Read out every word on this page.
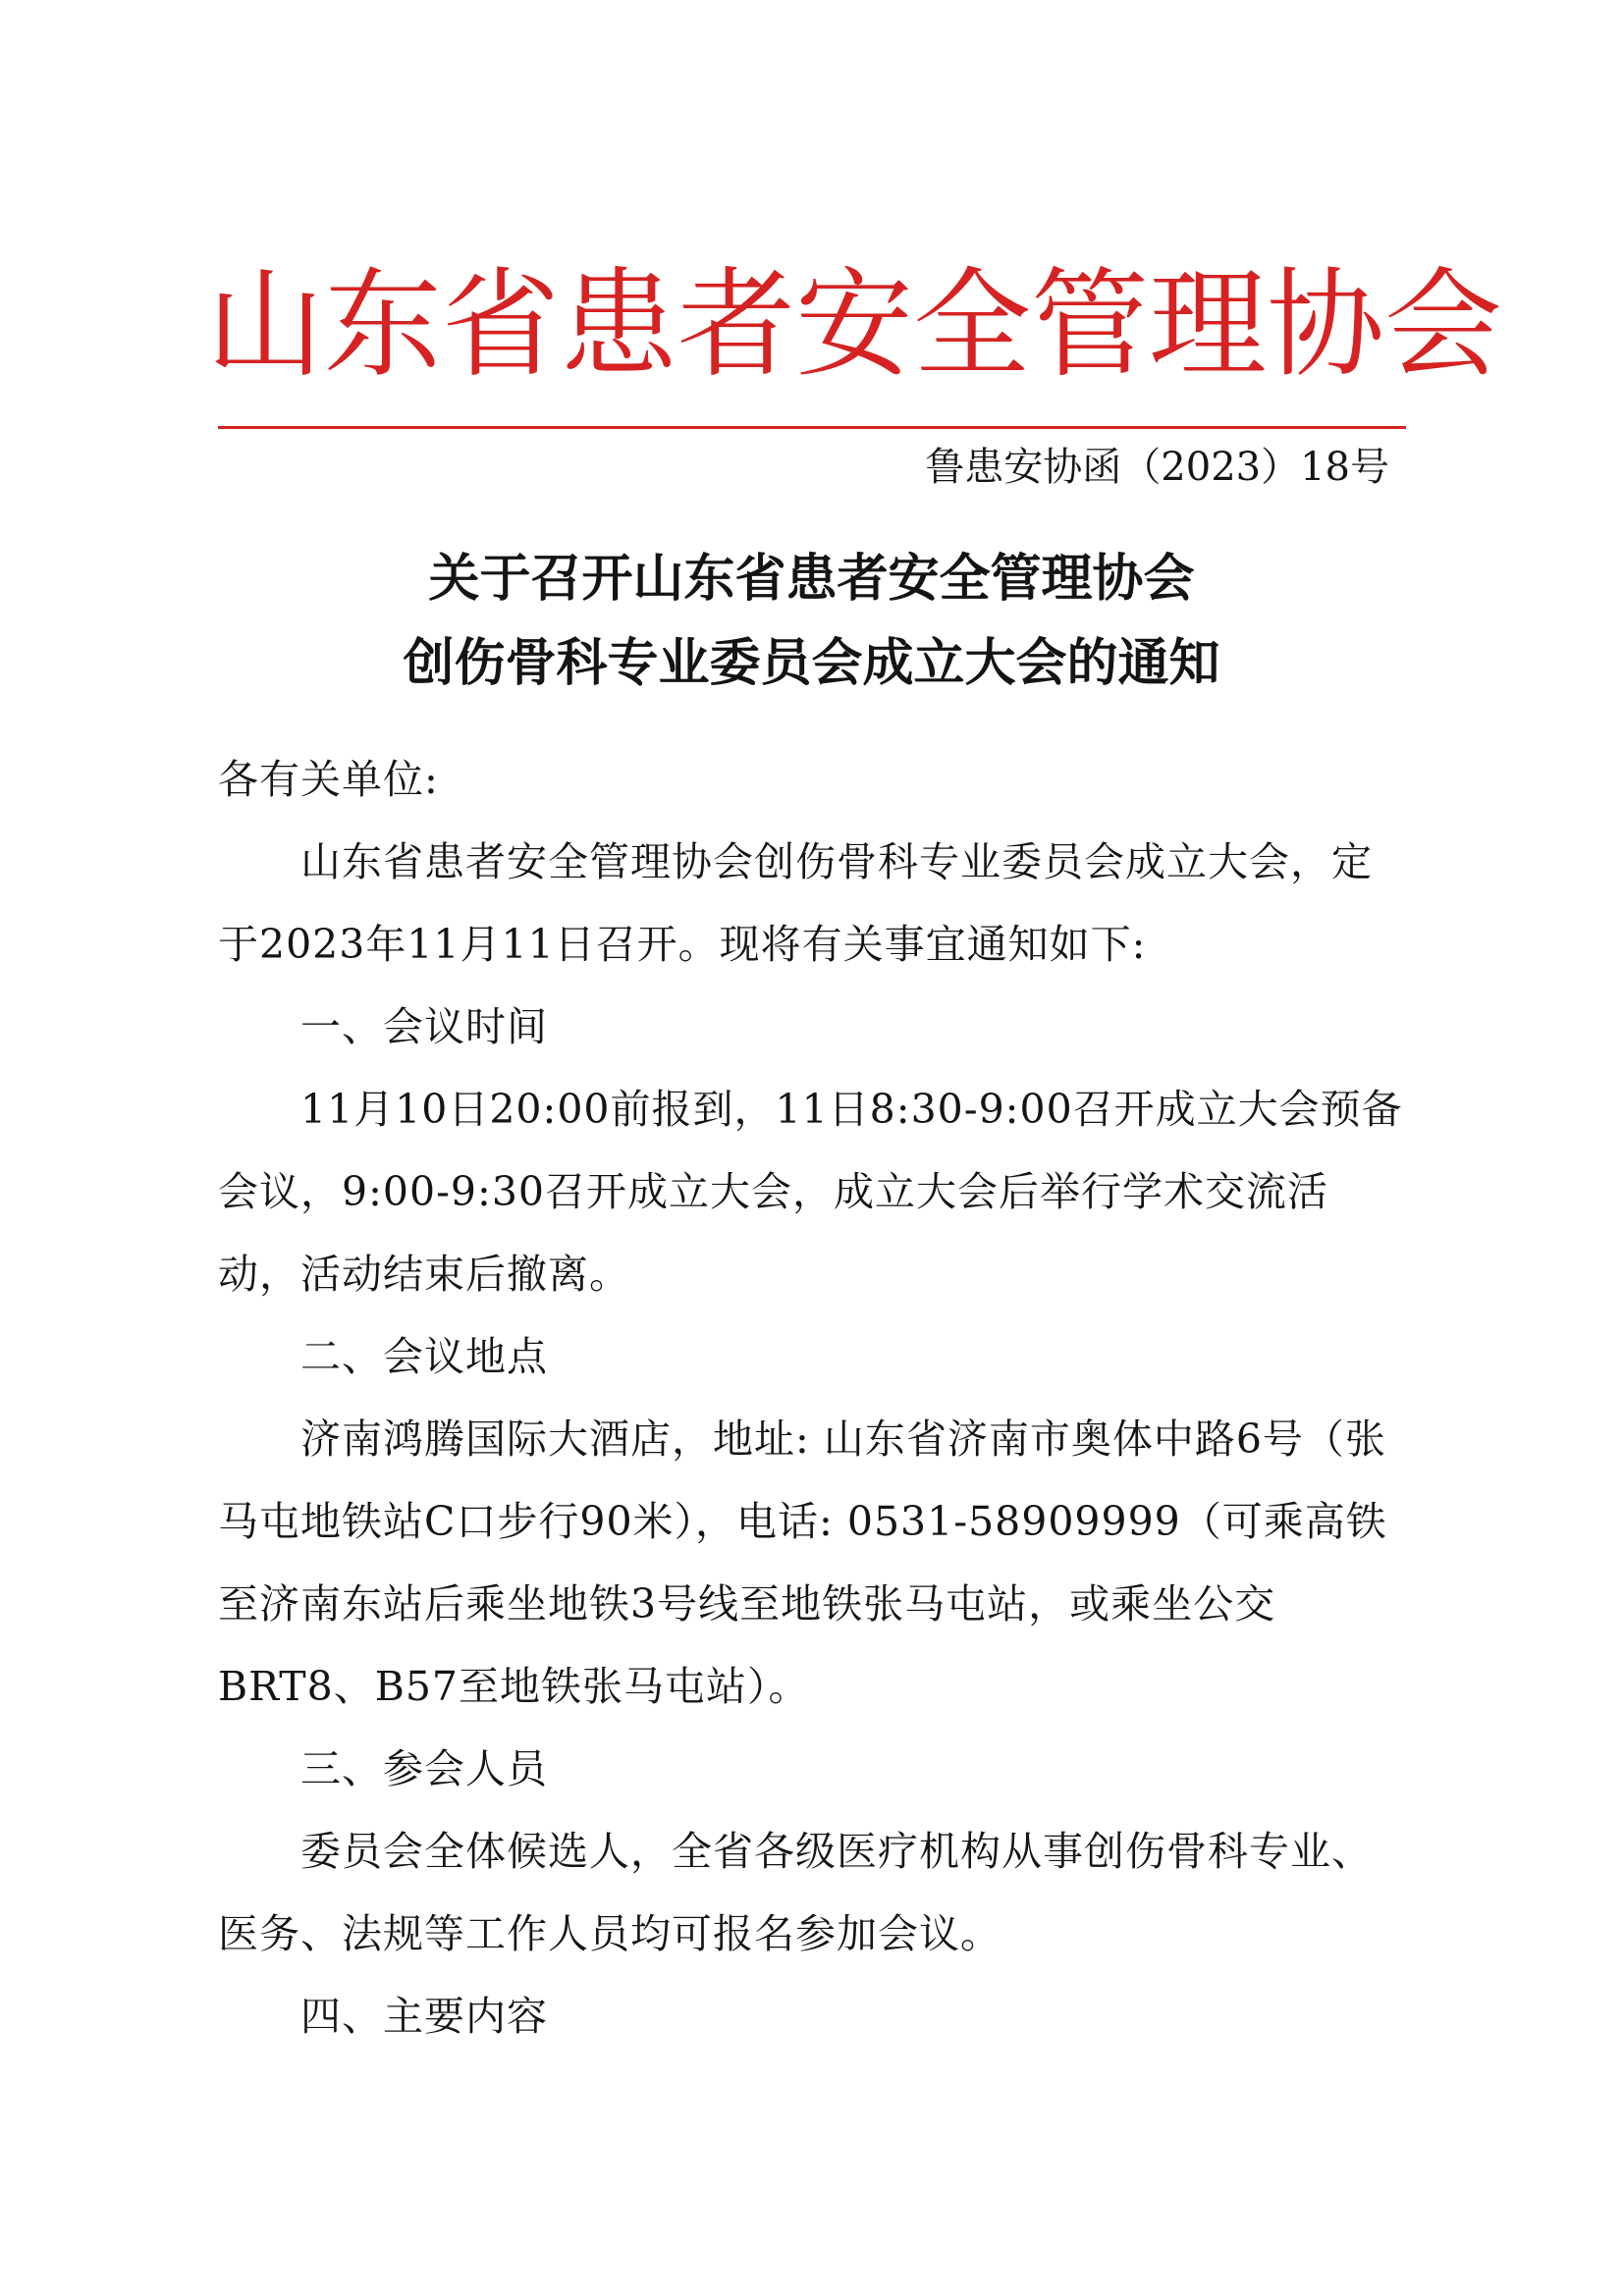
山 东 省 患 者 安 全 管 理 协 会
鲁患安协函（2023）18号
关于召开山东省患者安全管理协会
创伤骨科专业委员会成立大会的通知
各有关单位:
山东省患者安全管理协会创伤骨科专业委员会成立大会，定于2023年11月11日召开。现将有关事宜通知如下:
一、会议时间
11月10日20:00前报到，11日8:30-9:00召开成立大会预备会议，9:00-9:30召开成立大会，成立大会后举行学术交流活动，活动结束后撤离。
二、会议地点
济南鸿腾国际大酒店，地址: 山东省济南市奥体中路6号（张马屯地铁站C口步行90米），电话: 0531-58909999（可乘高铁至济南东站后乘坐地铁3号线至地铁张马屯站，或乘坐公交BRT8、B57至地铁张马屯站）。
三、参会人员
委员会全体候选人，全省各级医疗机构从事创伤骨科专业、医务、法规等工作人员均可报名参加会议。
四、主要内容
